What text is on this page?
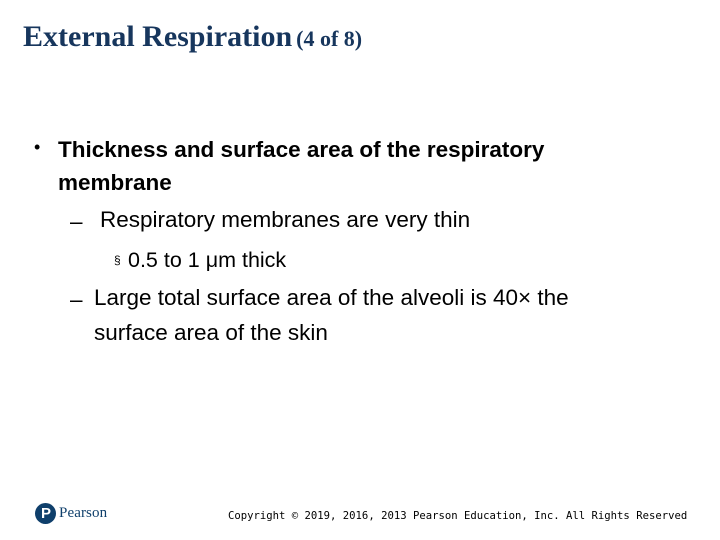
External Respiration (4 of 8)
• Thickness and surface area of the respiratory
membrane
– Respiratory membranes are very thin
§ 0.5 to 1 μm thick
– Large total surface area of the alveoli is 40× the
surface area of the skin
P Pearson	Copyright © 2019, 2016, 2013 Pearson Education, Inc. All Rights Reserved
